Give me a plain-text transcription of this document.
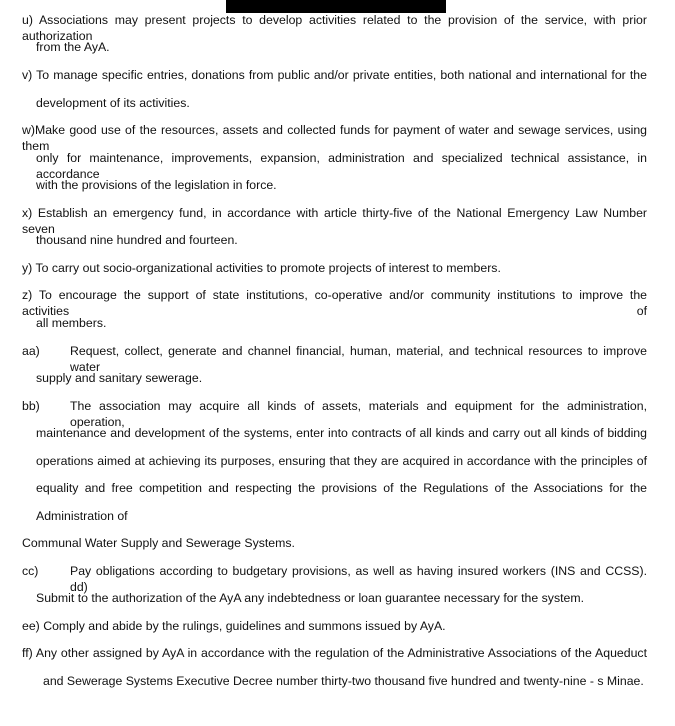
u) Associations may present projects to develop activities related to the provision of the service, with prior authorization
from the AyA.
v) To manage specific entries, donations from public and/or private entities, both national and international for the
development of its activities.
w)Make good use of the resources, assets and collected funds for payment of water and sewage services, using them
only for maintenance, improvements, expansion, administration and specialized technical assistance, in accordance
with the provisions of the legislation in force.
x) Establish an emergency fund, in accordance with article thirty-five of the National Emergency Law Number seven
thousand nine hundred and fourteen.
y) To carry out socio-organizational activities to promote projects of interest to members.
z) To encourage the support of state institutions, co-operative and/or community institutions to improve the activities of
all members.
aa) Request, collect, generate and channel financial, human, material, and technical resources to improve water
supply and sanitary sewerage.
bb) The association may acquire all kinds of assets, materials and equipment for the administration, operation,
maintenance and development of the systems, enter into contracts of all kinds and carry out all kinds of bidding
operations aimed at achieving its purposes, ensuring that they are acquired in accordance with the principles of
equality and free competition and respecting the provisions of the Regulations of the Associations for the
Administration of
Communal Water Supply and Sewerage Systems.
cc)	Pay obligations according to budgetary provisions, as well as having insured workers (INS and CCSS). dd)
Submit to the authorization of the AyA any indebtedness or loan guarantee necessary for the system.
ee) Comply and abide by the rulings, guidelines and summons issued by AyA.
ff) Any other assigned by AyA in accordance with the regulation of the Administrative Associations of the Aqueduct
and Sewerage Systems Executive Decree number thirty-two thousand five hundred and twenty-nine - s Minae.
